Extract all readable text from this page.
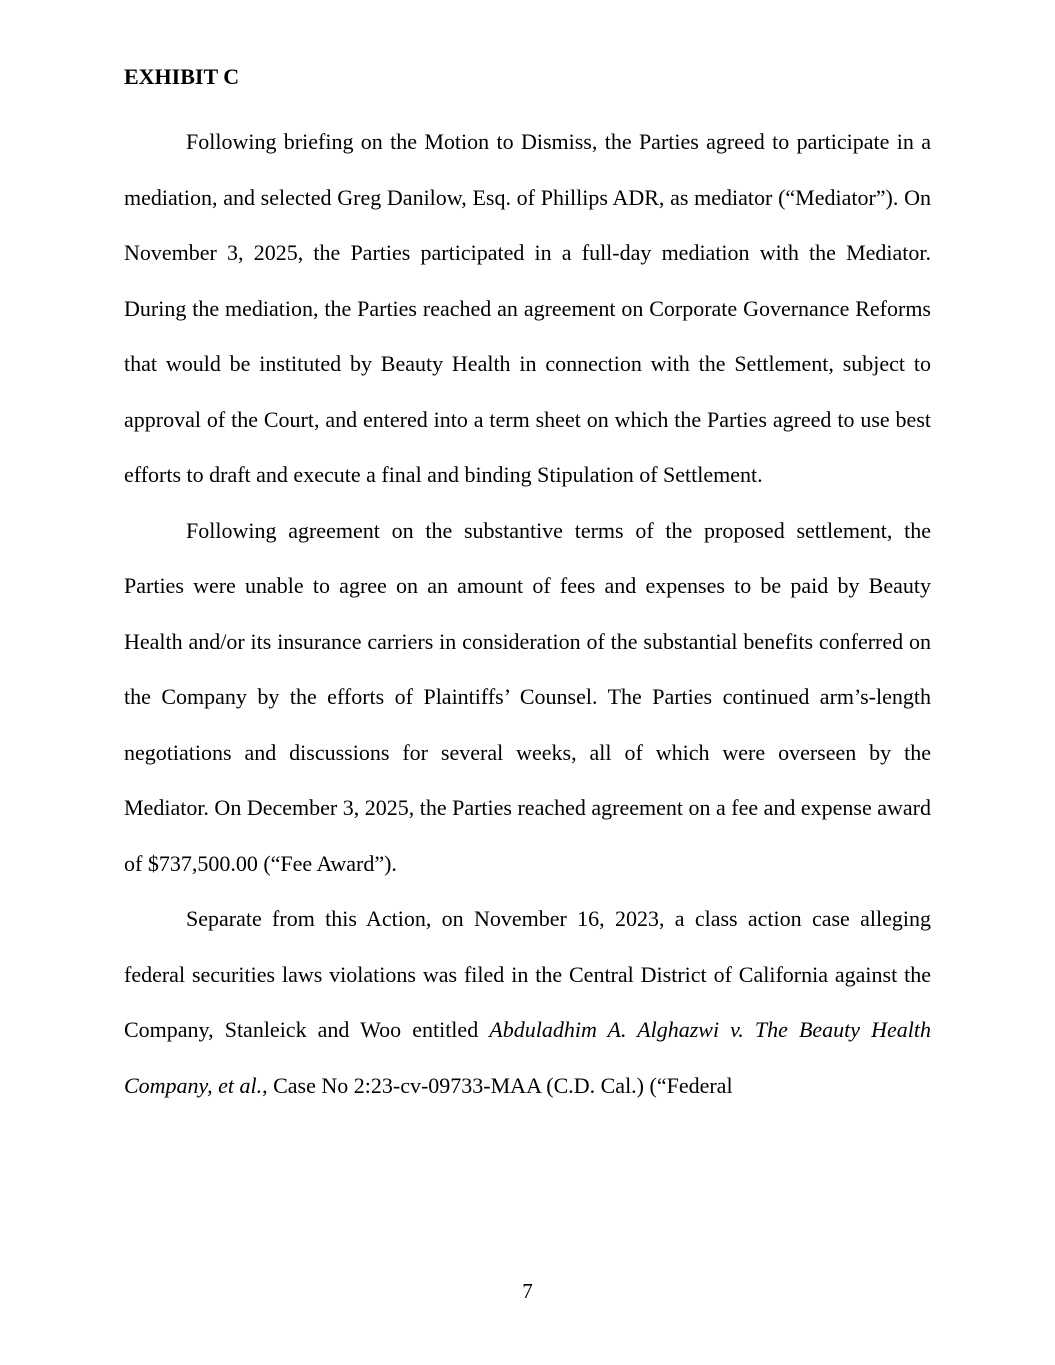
EXHIBIT C

Following briefing on the Motion to Dismiss, the Parties agreed to participate in a mediation, and selected Greg Danilow, Esq. of Phillips ADR, as mediator (“Mediator”). On November 3, 2025, the Parties participated in a full-day mediation with the Mediator. During the mediation, the Parties reached an agreement on Corporate Governance Reforms that would be instituted by Beauty Health in connection with the Settlement, subject to approval of the Court, and entered into a term sheet on which the Parties agreed to use best efforts to draft and execute a final and binding Stipulation of Settlement.

Following agreement on the substantive terms of the proposed settlement, the Parties were unable to agree on an amount of fees and expenses to be paid by Beauty Health and/or its insurance carriers in consideration of the substantial benefits conferred on the Company by the efforts of Plaintiffs’ Counsel. The Parties continued arm’s-length negotiations and discussions for several weeks, all of which were overseen by the Mediator. On December 3, 2025, the Parties reached agreement on a fee and expense award of $737,500.00 (“Fee Award”).

Separate from this Action, on November 16, 2023, a class action case alleging federal securities laws violations was filed in the Central District of California against the Company, Stanleick and Woo entitled Abduladhim A. Alghazwi v. The Beauty Health Company, et al., Case No 2:23-cv-09733-MAA (C.D. Cal.) (“Federal

7
